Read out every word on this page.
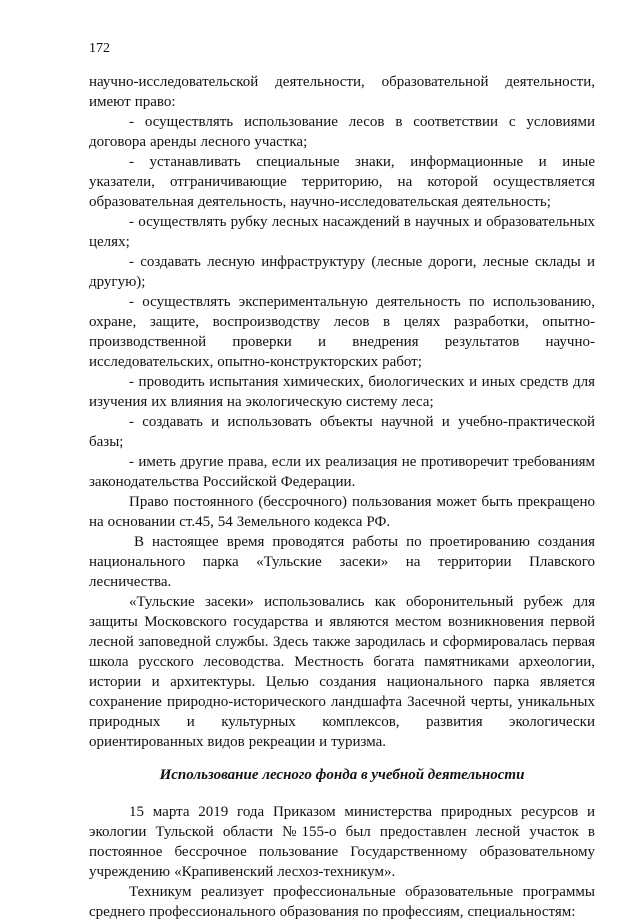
172

научно-исследовательской деятельности, образовательной деятельности, имеют право:

- осуществлять использование лесов в соответствии с условиями договора аренды лесного участка;

- устанавливать специальные знаки, информационные и иные указатели, отграничивающие территорию, на которой осуществляется образовательная деятельность, научно-исследовательская деятельность;

- осуществлять рубку лесных насаждений в научных и образовательных целях;

- создавать лесную инфраструктуру (лесные дороги, лесные склады и другую);

- осуществлять экспериментальную деятельность по использованию, охране, защите, воспроизводству лесов в целях разработки, опытно-производственной проверки и внедрения результатов научно-исследовательских, опытно-конструкторских работ;

- проводить испытания химических, биологических и иных средств для изучения их влияния на экологическую систему леса;

- создавать и использовать объекты научной и учебно-практической базы;

- иметь другие права, если их реализация не противоречит требованиям законодательства Российской Федерации.

Право постоянного (бессрочного) пользования может быть прекращено на основании ст.45, 54 Земельного кодекса РФ.

В настоящее время проводятся работы по проетированию создания национального парка «Тульские засеки» на территории Плавского лесничества.

«Тульские засеки» использовались как оборонительный рубеж для защиты Московского государства и являются местом возникновения первой лесной заповедной службы. Здесь также зародилась и сформировалась первая школа русского лесоводства. Местность богата памятниками археологии, истории и архитектуры. Целью создания национального парка является сохранение природно-исторического ландшафта Засечной черты, уникальных природных и культурных комплексов, развития экологически ориентированных видов рекреации и туризма.

Использование лесного фонда в учебной деятельности

15 марта 2019 года Приказом министерства природных ресурсов и экологии Тульской области №155-о был предоставлен лесной участок в постоянное бессрочное пользование Государственному образовательному учреждению «Крапивенский лесхоз-техникум».

Техникум реализует профессиональные образовательные программы среднего профессионального образования по профессиям, специальностям:
